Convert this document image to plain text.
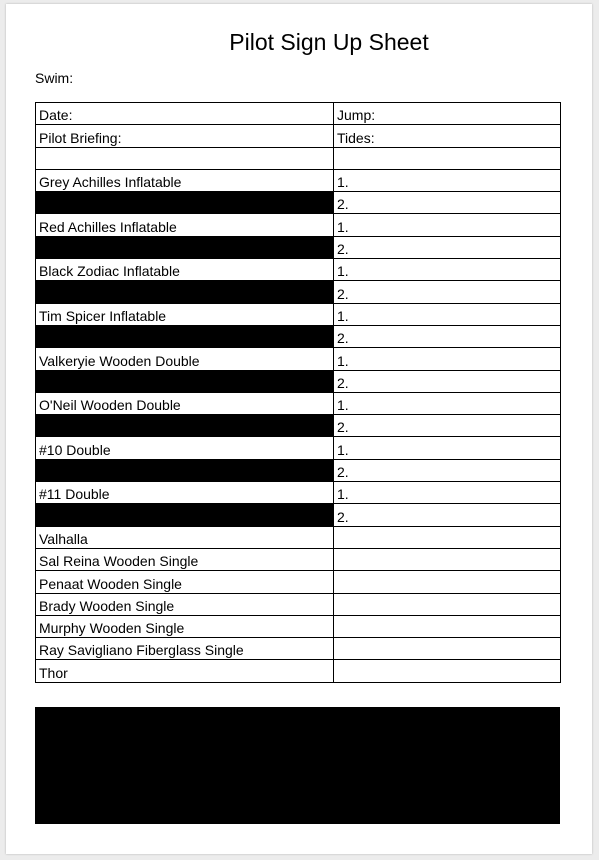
Pilot Sign Up Sheet
Swim:
Date:	Jump:
Pilot Briefing:	Tides:

Grey Achilles Inflatable	1.
	2.
Red Achilles Inflatable	1.
	2.
Black Zodiac Inflatable	1.
	2.
Tim Spicer Inflatable	1.
	2.
Valkeryie Wooden Double	1.
	2.
O'Neil Wooden Double	1.
	2.
#10 Double	1.
	2.
#11 Double	1.
	2.
Valhalla	
Sal Reina Wooden Single	
Penaat Wooden Single	
Brady Wooden Single	
Murphy Wooden Single	
Ray Savigliano Fiberglass Single	
Thor	
